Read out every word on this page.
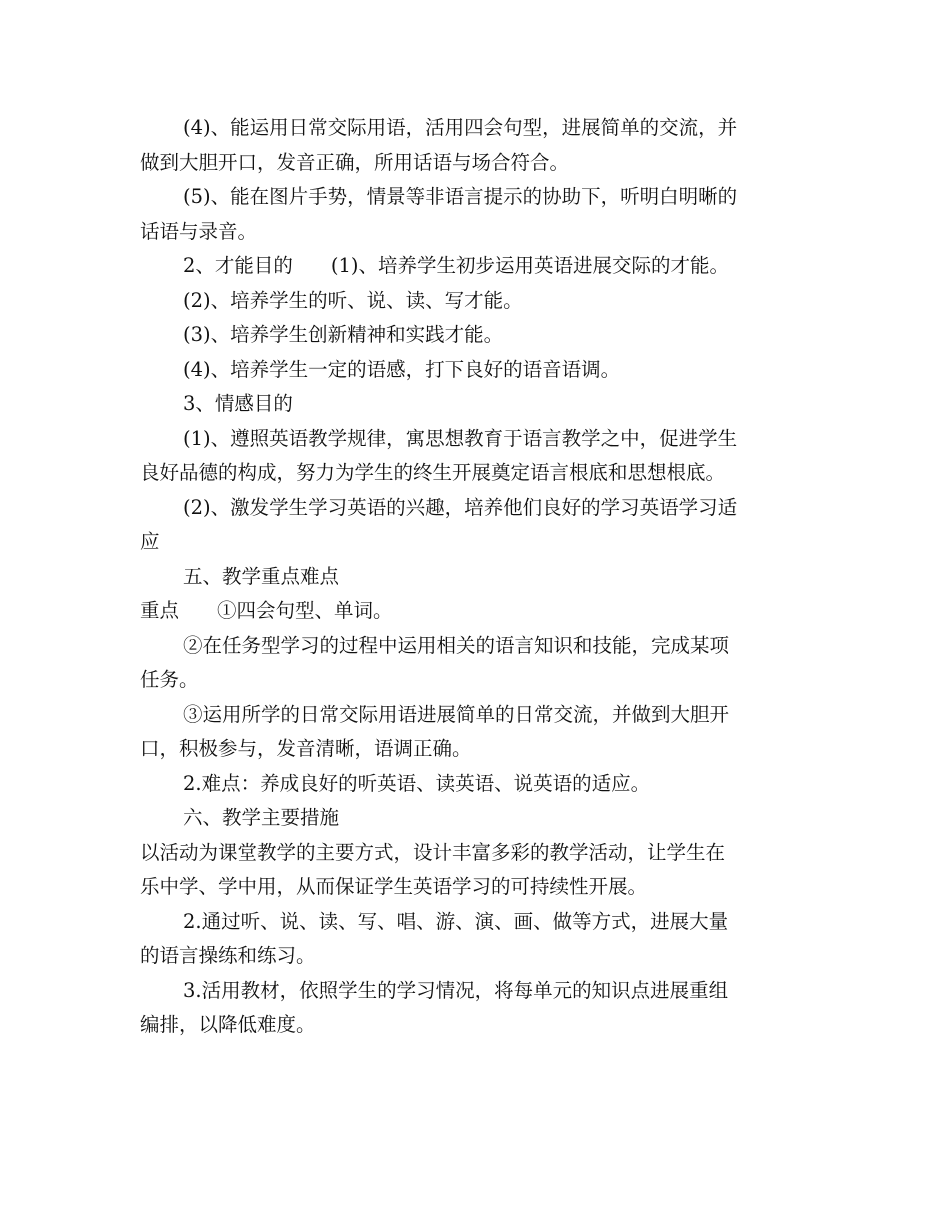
(4)、能运用日常交际用语，活用四会句型，进展简单的交流，并

做到大胆开口，发音正确，所用话语与场合符合。

(5)、能在图片手势，情景等非语言提示的协助下，听明白明晰的

话语与录音。

2、才能目的 (1)、培养学生初步运用英语进展交际的才能。

(2)、培养学生的听、说、读、写才能。

(3)、培养学生创新精神和实践才能。

(4)、培养学生一定的语感，打下良好的语音语调。

3、情感目的

(1)、遵照英语教学规律，寓思想教育于语言教学之中，促进学生

良好品德的构成，努力为学生的终生开展奠定语言根底和思想根底。

(2)、激发学生学习英语的兴趣，培养他们良好的学习英语学习适

应

五、教学重点难点

重点 ①四会句型、单词。

②在任务型学习的过程中运用相关的语言知识和技能，完成某项

任务。

③运用所学的日常交际用语进展简单的日常交流，并做到大胆开

口，积极参与，发音清晰，语调正确。

2.难点：养成良好的听英语、读英语、说英语的适应。

六、教学主要措施

以活动为课堂教学的主要方式，设计丰富多彩的教学活动，让学生在

乐中学、学中用，从而保证学生英语学习的可持续性开展。

2.通过听、说、读、写、唱、游、演、画、做等方式，进展大量

的语言操练和练习。

3.活用教材，依照学生的学习情况，将每单元的知识点进展重组

编排，以降低难度。
